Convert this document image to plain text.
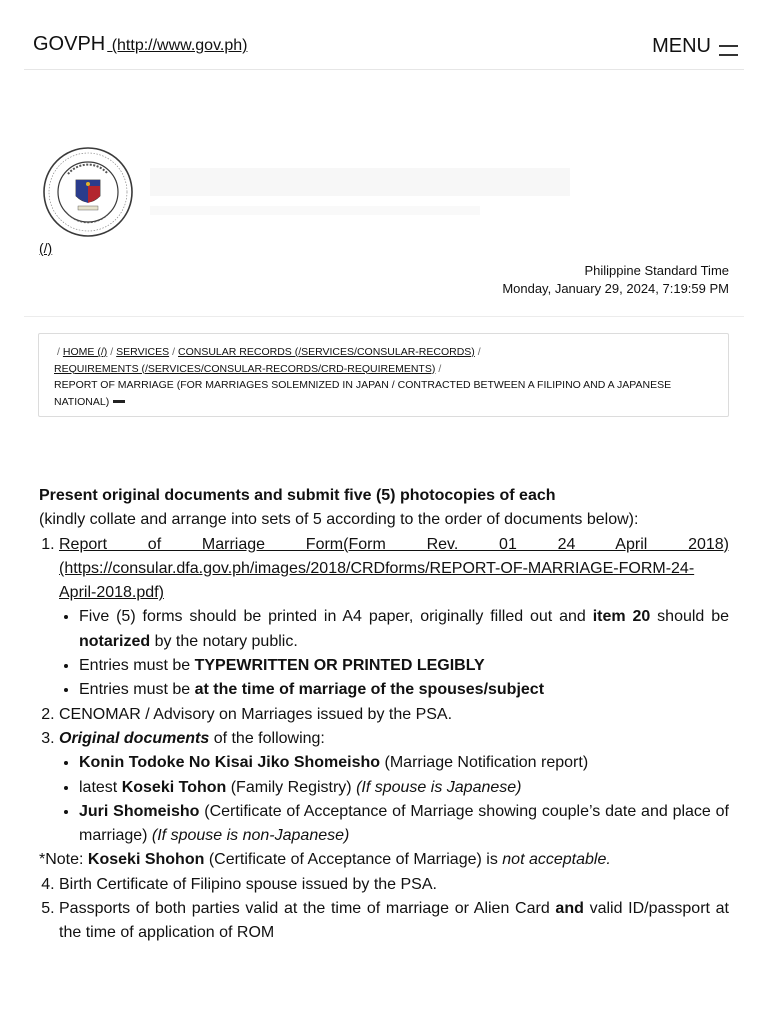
GOVPH (http://www.gov.ph)	MENU
(/)
Philippine Standard Time
Monday, January 29, 2024, 7:19:59 PM
/ HOME (/) / SERVICES / CONSULAR RECORDS (/SERVICES/CONSULAR-RECORDS) /
REQUIREMENTS (/SERVICES/CONSULAR-RECORDS/CRD-REQUIREMENTS) /
REPORT OF MARRIAGE (FOR MARRIAGES SOLEMNIZED IN JAPAN / CONTRACTED BETWEEN A FILIPINO AND A JAPANESE NATIONAL)

Present original documents and submit five (5) photocopies of each

(kindly collate and arrange into sets of 5 according to the order of documents below):

1. Report of Marriage Form(Form Rev. 01 24 April 2018)
(https://consular.dfa.gov.ph/images/2018/CRDforms/REPORT-OF-MARRIAGE-FORM-24-April-2018.pdf)
• Five (5) forms should be printed in A4 paper, originally filled out and item 20 should be notarized by the notary public.
• Entries must be TYPEWRITTEN OR PRINTED LEGIBLY
• Entries must be at the time of marriage of the spouses/subject
2. CENOMAR / Advisory on Marriages issued by the PSA.
3. Original documents of the following:
• Konin Todoke No Kisai Jiko Shomeisho (Marriage Notification report)
• latest Koseki Tohon (Family Registry) (If spouse is Japanese)
• Juri Shomeisho (Certificate of Acceptance of Marriage showing couple’s date and place of marriage) (If spouse is non-Japanese)

*Note: Koseki Shohon (Certificate of Acceptance of Marriage) is not acceptable.

4. Birth Certificate of Filipino spouse issued by the PSA.
5. Passports of both parties valid at the time of marriage or Alien Card and valid ID/passport at the time of application of ROM
